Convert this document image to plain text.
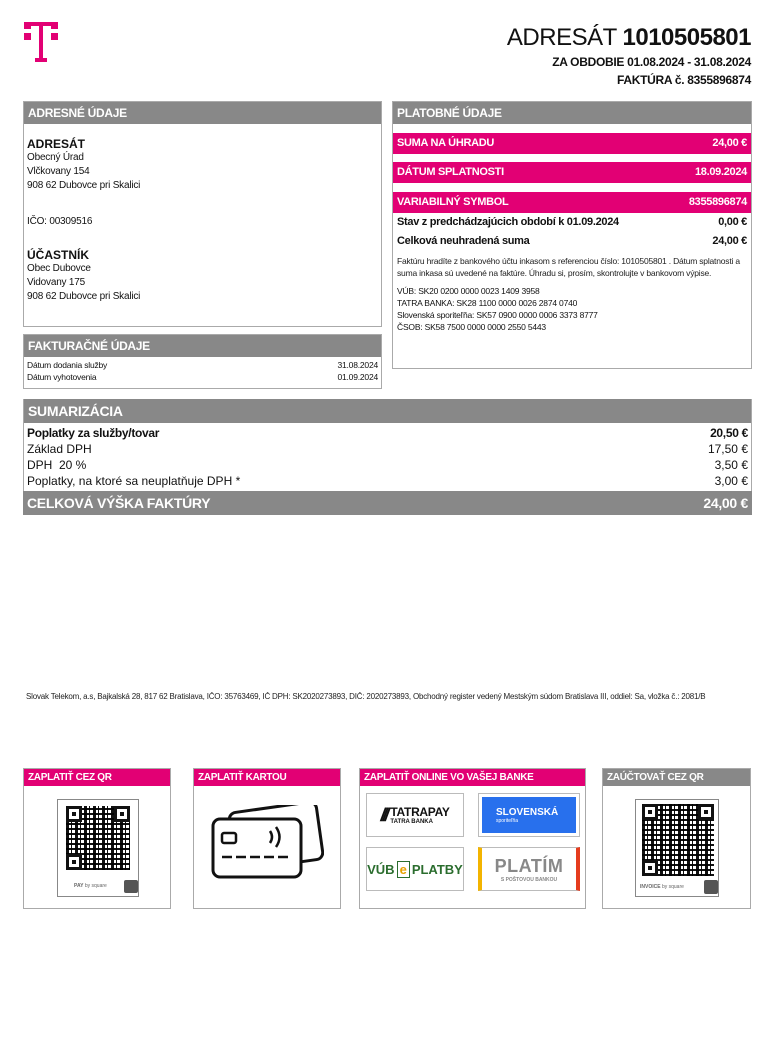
ADRESÁT 1010505801
ZA OBDOBIE 01.08.2024 - 31.08.2024
FAKTÚRA č. 8355896874
ADRESNÉ ÚDAJE
ADRESÁT
Obecný Úrad
Vlčkovany 154
908 62 Dubovce pri Skalici
IČO: 00309516
ÚČASTNÍK
Obec Dubovce
Vidovany 175
908 62 Dubovce pri Skalici
FAKTURAČNÉ ÚDAJE
Dátum dodania služby	31.08.2024
Dátum vyhotovenia	01.09.2024
PLATOBNÉ ÚDAJE
SUMA NA ÚHRADU	24,00 €
DÁTUM SPLATNOSTI	18.09.2024
VARIABILNÝ SYMBOL	8355896874
Stav z predchádzajúcich období k 01.09.2024	0,00 €
Celková neuhradená suma	24,00 €
Faktúru hradíte z bankového účtu inkasom s referenciou číslo: 1010505801 . Dátum splatnosti a suma inkasa sú uvedené na faktúre. Úhradu si, prosím, skontrolujte v bankovom výpise.
VÚB: SK20 0200 0000 0023 1409 3958
TATRA BANKA: SK28 1100 0000 0026 2874 0740
Slovenská sporiteľňa: SK57 0900 0000 0006 3373 8777
ČSOB: SK58 7500 0000 0000 2550 5443
SUMARIZÁCIA
Poplatky za služby/tovar	20,50 €
Základ DPH	17,50 €
DPH  20 %	3,50 €
Poplatky, na ktoré sa neuplatňuje DPH *	3,00 €
CELKOVÁ VÝŠKA FAKTÚRY	24,00 €
Slovak Telekom, a.s, Bajkalská 28, 817 62 Bratislava, IČO: 35763469, IČ DPH: SK2020273893, DIČ: 2020273893, Obchodný register vedený Mestským súdom Bratislava III, oddiel: Sa, vložka č.: 2081/B
ZAPLATIŤ CEZ QR
PAY by square
ZAPLATIŤ KARTOU	ZAPLATIŤ ONLINE VO VAŠEJ BANKE
/// TATRAPAY
TATRA BANKA
SLOVENSKÁ
sporiteľňa
VÚB e PLATBY PLATÍM
S POŠTOVOU BANKOU
ZAÚČTOVAŤ CEZ QR
INVOICE by square
